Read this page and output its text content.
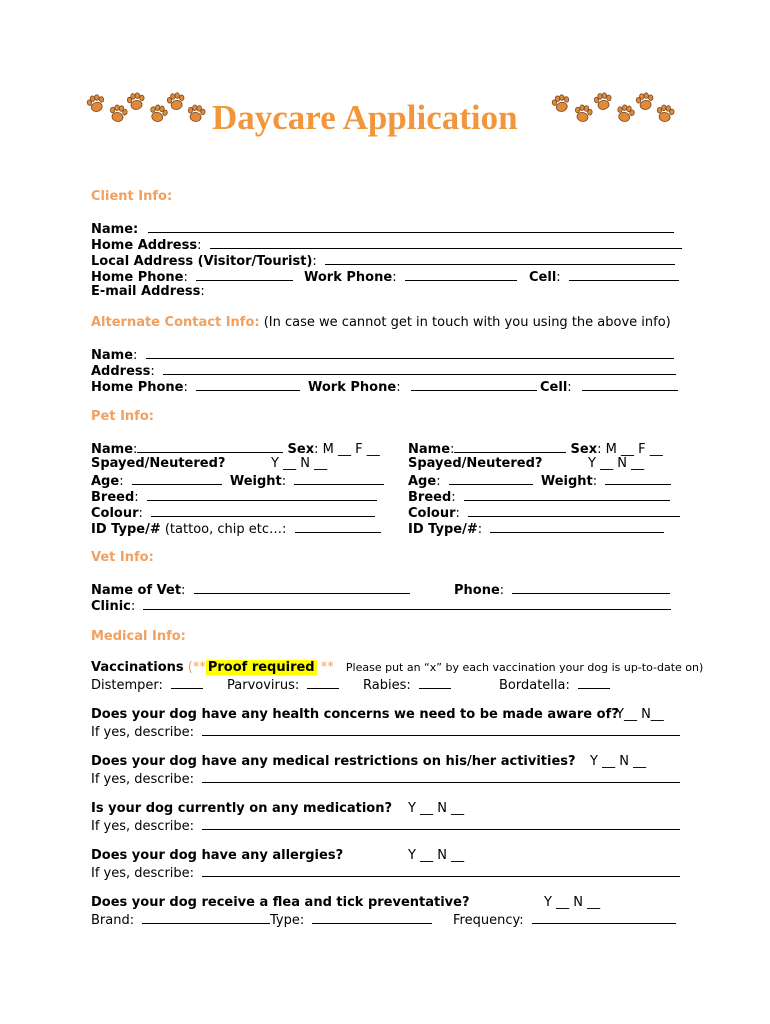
Daycare Application
Client Info:
Name:
Home Address:
Local Address (Visitor/Tourist):
Home Phone:	Work Phone:	Cell:
E-mail Address:
Alternate Contact Info: (In case we cannot get in touch with you using the above info)
Name:
Address:
Home Phone:	Work Phone:	Cell:
Pet Info:
Name:	Sex: M __ F __
Spayed/Neutered?	Y __ N __
Age:	Weight:
Breed:
Colour:
ID Type/# (tattoo, chip etc…:
Name:	Sex: M __ F __
Spayed/Neutered?	Y __ N __
Age:	Weight:
Breed:
Colour:
ID Type/#:
Vet Info:
Name of Vet:	Phone:
Clinic:
Medical Info:
Vaccinations (** Proof required ** Please put an “x” by each vaccination your dog is up-to-date on)
Distemper:	Parvovirus:	Rabies:	Bordatella:
Does your dog have any health concerns we need to be made aware of?
Y__ N__
If yes, describe:
Does your dog have any medical restrictions on his/her activities? Y __ N __
If yes, describe:
Is your dog currently on any medication? Y __ N __
If yes, describe:
Does your dog have any allergies?	Y __ N __
If yes, describe:
Does your dog receive a flea and tick preventative?	Y __ N __
Brand:	Type:	Frequency:
